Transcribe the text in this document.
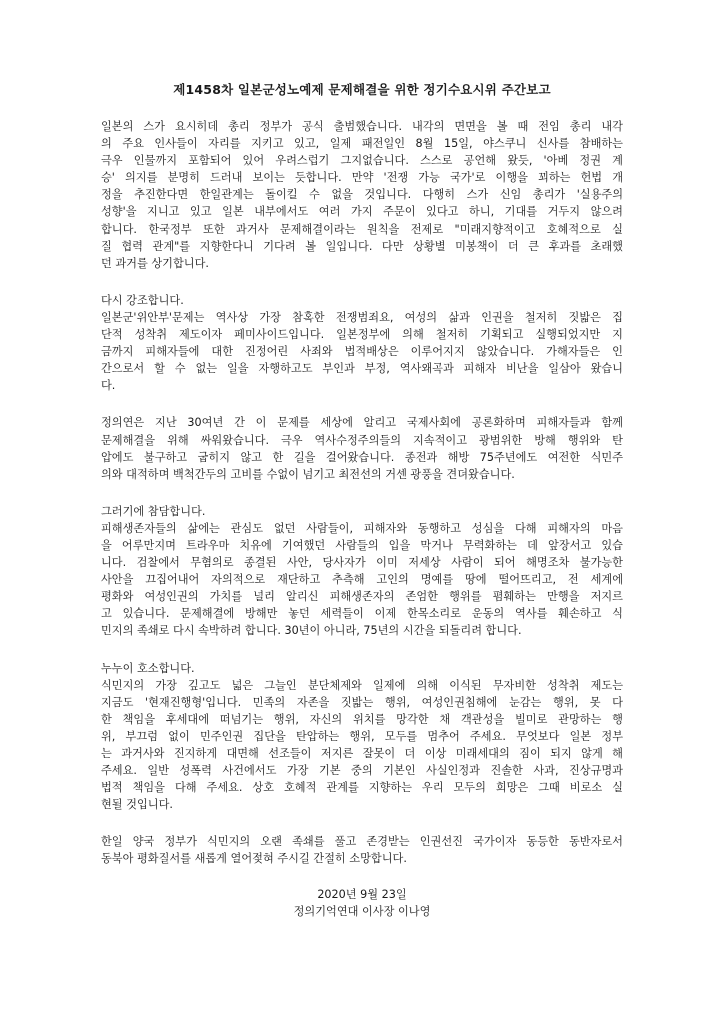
제1458차 일본군성노예제 문제해결을 위한 정기수요시위 주간보고
일본의 스가 요시히데 총리 정부가 공식 출범했습니다. 내각의 면면을 볼 때 전임 총리 내각
의 주요 인사들이 자리를 지키고 있고, 일제 패전일인 8월 15일, 야스쿠니 신사를 참배하는
극우 인물까지 포함되어 있어 우려스럽기 그지없습니다. 스스로 공언해 왔듯, '아베 정권 계
승' 의지를 분명히 드러내 보이는 듯합니다. 만약 '전쟁 가능 국가'로 이행을 꾀하는 헌법 개
정을 추진한다면 한일관계는 돌이킬 수 없을 것입니다. 다행히 스가 신임 총리가 '실용주의
성향'을 지니고 있고 일본 내부에서도 여러 가지 주문이 있다고 하니, 기대를 거두지 않으려
합니다. 한국정부 또한 과거사 문제해결이라는 원칙을 전제로 "미래지향적이고 호혜적으로 실
질 협력 관계"를 지향한다니 기다려 볼 일입니다. 다만 상황별 미봉책이 더 큰 후과를 초래했
던 과거를 상기합니다.
다시 강조합니다.
일본군'위안부'문제는 역사상 가장 참혹한 전쟁범죄요, 여성의 삶과 인권을 철저히 짓밟은 집
단적 성착취 제도이자 페미사이드입니다. 일본정부에 의해 철저히 기획되고 실행되었지만 지
금까지 피해자들에 대한 진정어린 사죄와 법적배상은 이루어지지 않았습니다. 가해자들은 인
간으로서 할 수 없는 일을 자행하고도 부인과 부정, 역사왜곡과 피해자 비난을 일삼아 왔습니
다.
정의연은 지난 30여년 간 이 문제를 세상에 알리고 국제사회에 공론화하며 피해자들과 함께
문제해결을 위해 싸워왔습니다. 극우 역사수정주의들의 지속적이고 광범위한 방해 행위와 탄
압에도 불구하고 굽히지 않고 한 길을 걸어왔습니다. 종전과 해방 75주년에도 여전한 식민주
의와 대적하며 백척간두의 고비를 수없이 넘기고 최전선의 거센 광풍을 견뎌왔습니다.
그러기에 참담합니다.
피해생존자들의 삶에는 관심도 없던 사람들이, 피해자와 동행하고 성심을 다해 피해자의 마음
을 어루만지며 트라우마 치유에 기여했던 사람들의 입을 막거나 무력화하는 데 앞장서고 있습
니다. 검찰에서 무혐의로 종결된 사안, 당사자가 이미 저세상 사람이 되어 해명조차 불가능한
사안을 끄집어내어 자의적으로 재단하고 추측해 고인의 명예를 땅에 떨어뜨리고, 전 세계에
평화와 여성인권의 가치를 널리 알리신 피해생존자의 존엄한 행위를 폄훼하는 만행을 저지르
고 있습니다. 문제해결에 방해만 놓던 세력들이 이제 한목소리로 운동의 역사를 훼손하고 식
민지의 족쇄로 다시 속박하려 합니다. 30년이 아니라, 75년의 시간을 되돌리려 합니다.
누누이 호소합니다.
식민지의 가장 깊고도 넓은 그늘인 분단체제와 일제에 의해 이식된 무자비한 성착취 제도는
지금도 '현재진행형'입니다. 민족의 자존을 짓밟는 행위, 여성인권침해에 눈감는 행위, 못 다
한 책임을 후세대에 떠넘기는 행위, 자신의 위치를 망각한 채 객관성을 빌미로 관망하는 행
위, 부끄럼 없이 민주인권 집단을 탄압하는 행위, 모두를 멈추어 주세요. 무엇보다 일본 정부
는 과거사와 진지하게 대면해 선조들이 저지른 잘못이 더 이상 미래세대의 짐이 되지 않게 해
주세요. 일반 성폭력 사건에서도 가장 기본 중의 기본인 사실인정과 진솔한 사과, 진상규명과
법적 책임을 다해 주세요. 상호 호혜적 관계를 지향하는 우리 모두의 희망은 그때 비로소 실
현될 것입니다.
한일 양국 정부가 식민지의 오랜 족쇄를 풀고 존경받는 인권선진 국가이자 동등한 동반자로서
동북아 평화질서를 새롭게 열어젖혀 주시길 간절히 소망합니다.
2020년 9월 23일
정의기억연대 이사장 이나영
